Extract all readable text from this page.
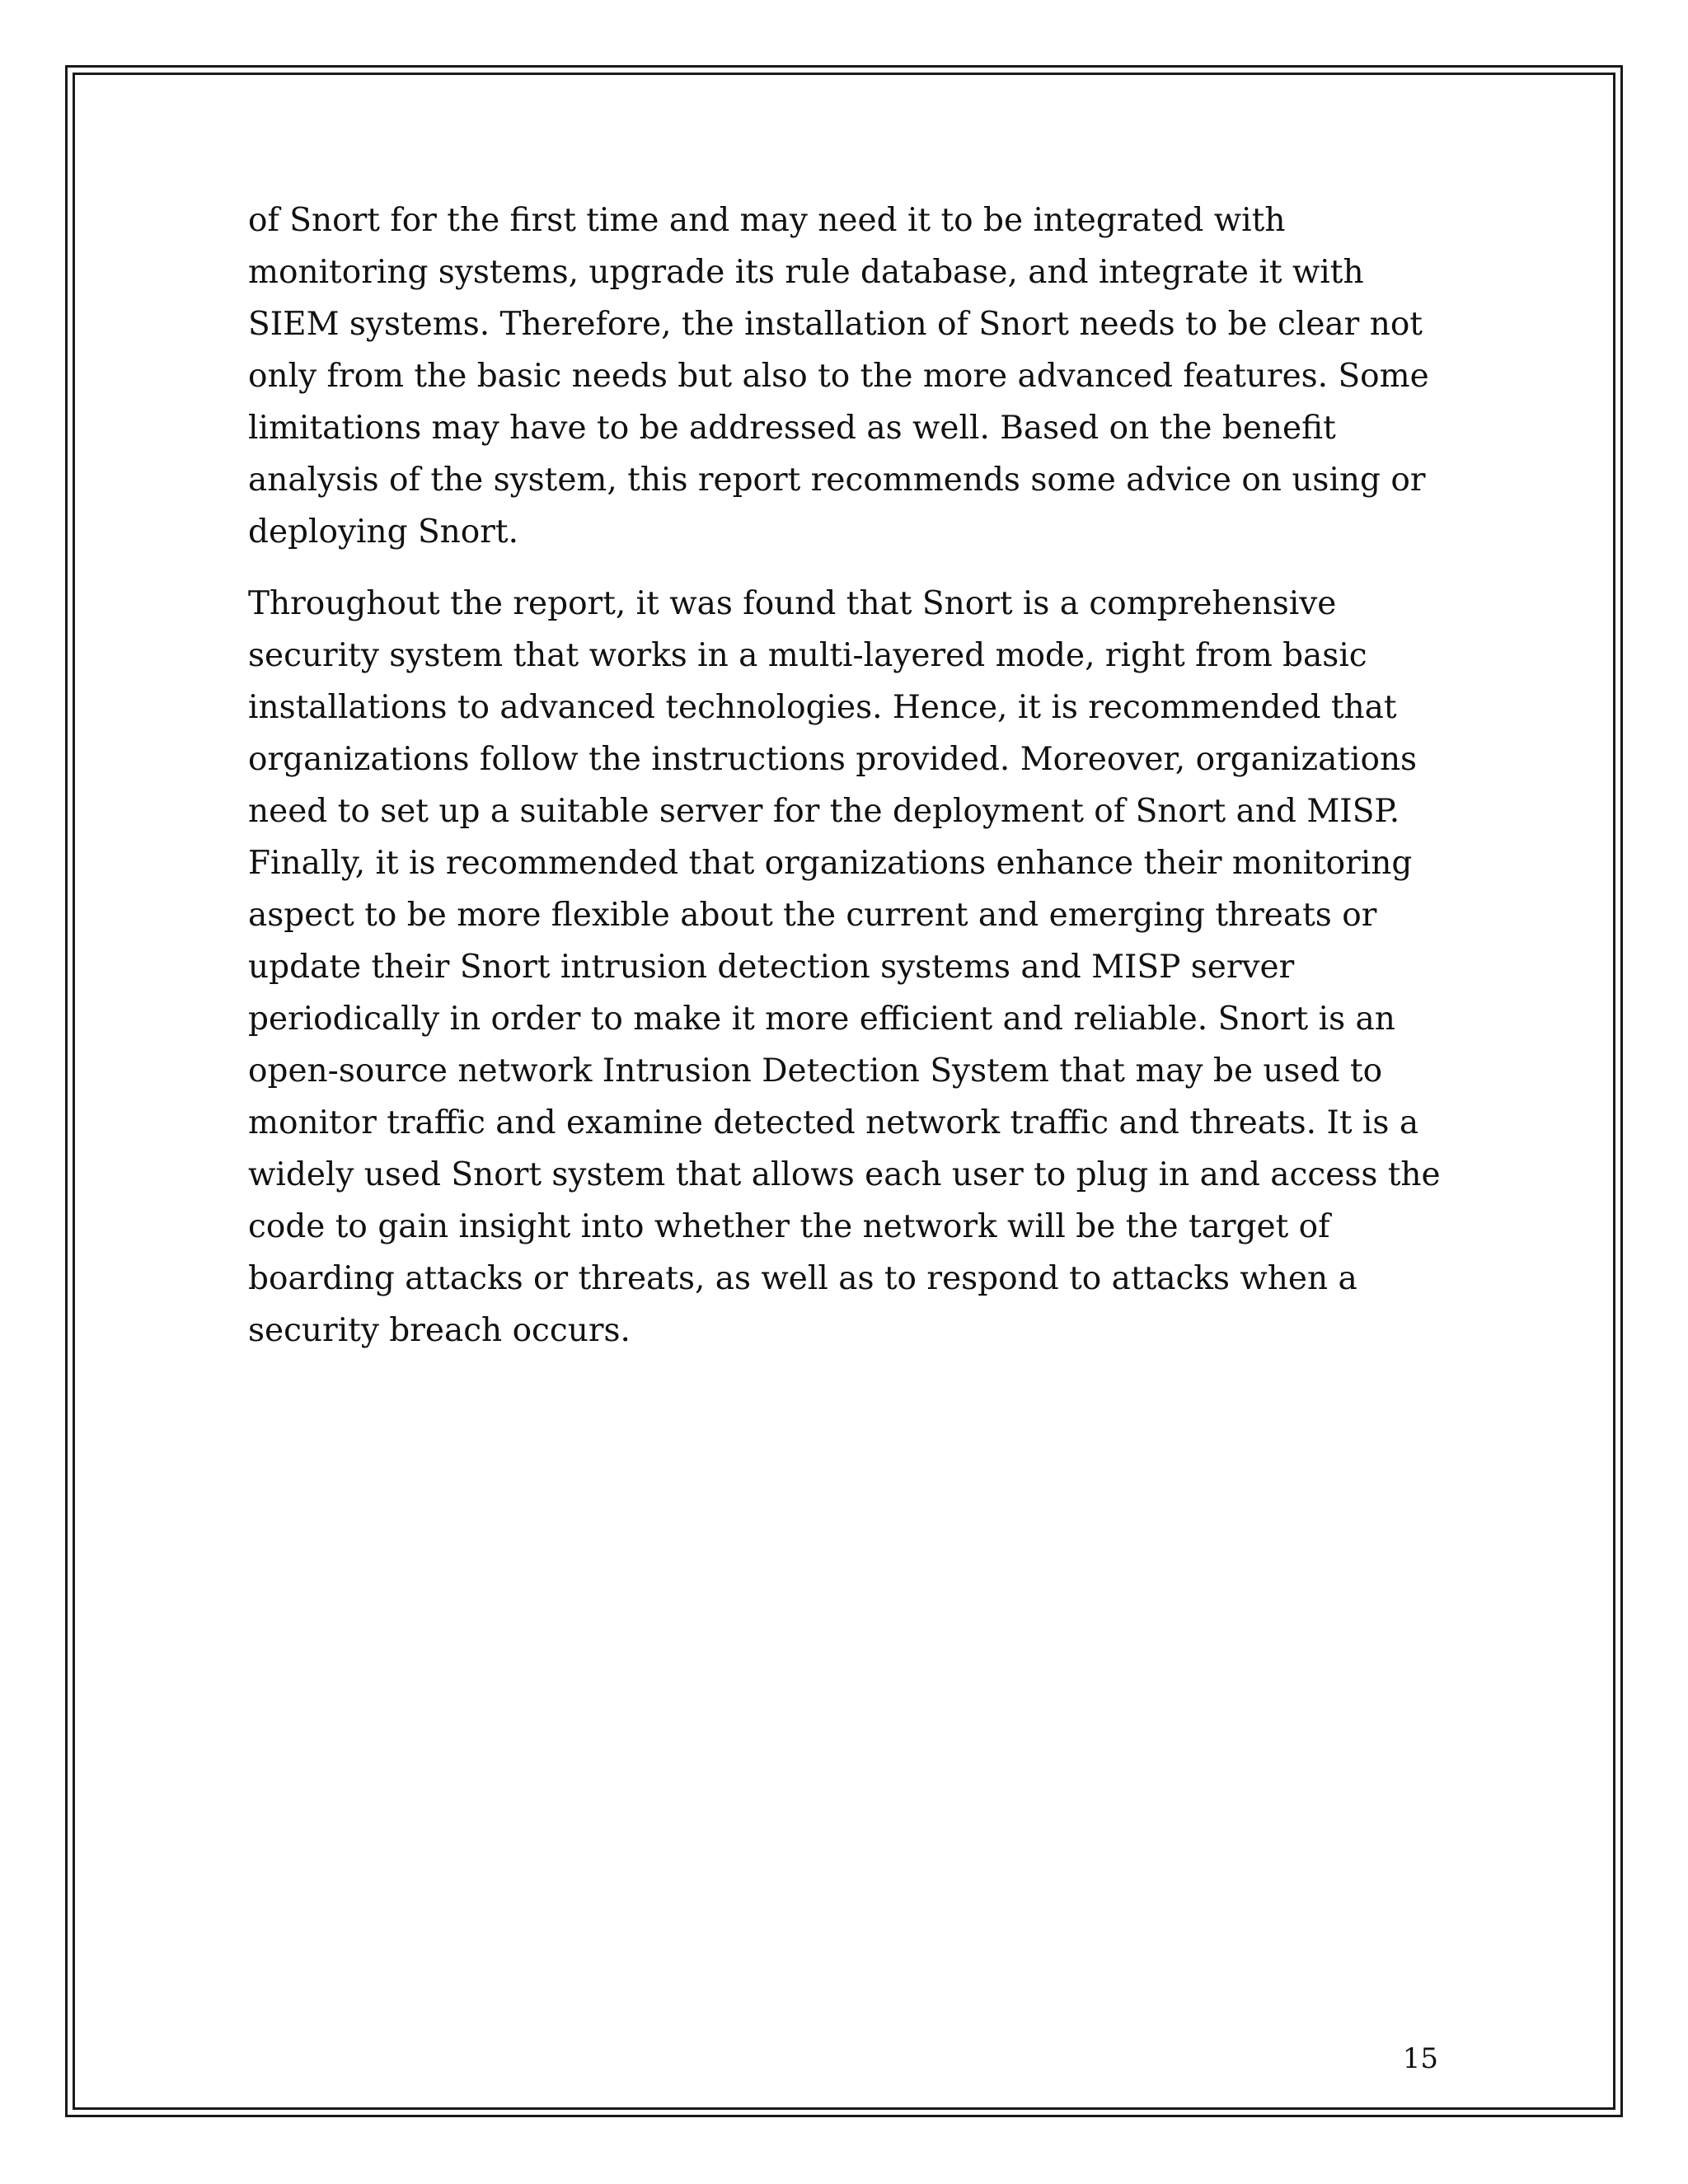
of Snort for the first time and may need it to be integrated with
monitoring systems, upgrade its rule database, and integrate it with
SIEM systems. Therefore, the installation of Snort needs to be clear not
only from the basic needs but also to the more advanced features. Some
limitations may have to be addressed as well. Based on the benefit
analysis of the system, this report recommends some advice on using or
deploying Snort.
Throughout the report, it was found that Snort is a comprehensive
security system that works in a multi-layered mode, right from basic
installations to advanced technologies. Hence, it is recommended that
organizations follow the instructions provided. Moreover, organizations
need to set up a suitable server for the deployment of Snort and MISP.
Finally, it is recommended that organizations enhance their monitoring
aspect to be more flexible about the current and emerging threats or
update their Snort intrusion detection systems and MISP server
periodically in order to make it more efficient and reliable. Snort is an
open-source network Intrusion Detection System that may be used to
monitor traffic and examine detected network traffic and threats. It is a
widely used Snort system that allows each user to plug in and access the
code to gain insight into whether the network will be the target of
boarding attacks or threats, as well as to respond to attacks when a
security breach occurs.
15
